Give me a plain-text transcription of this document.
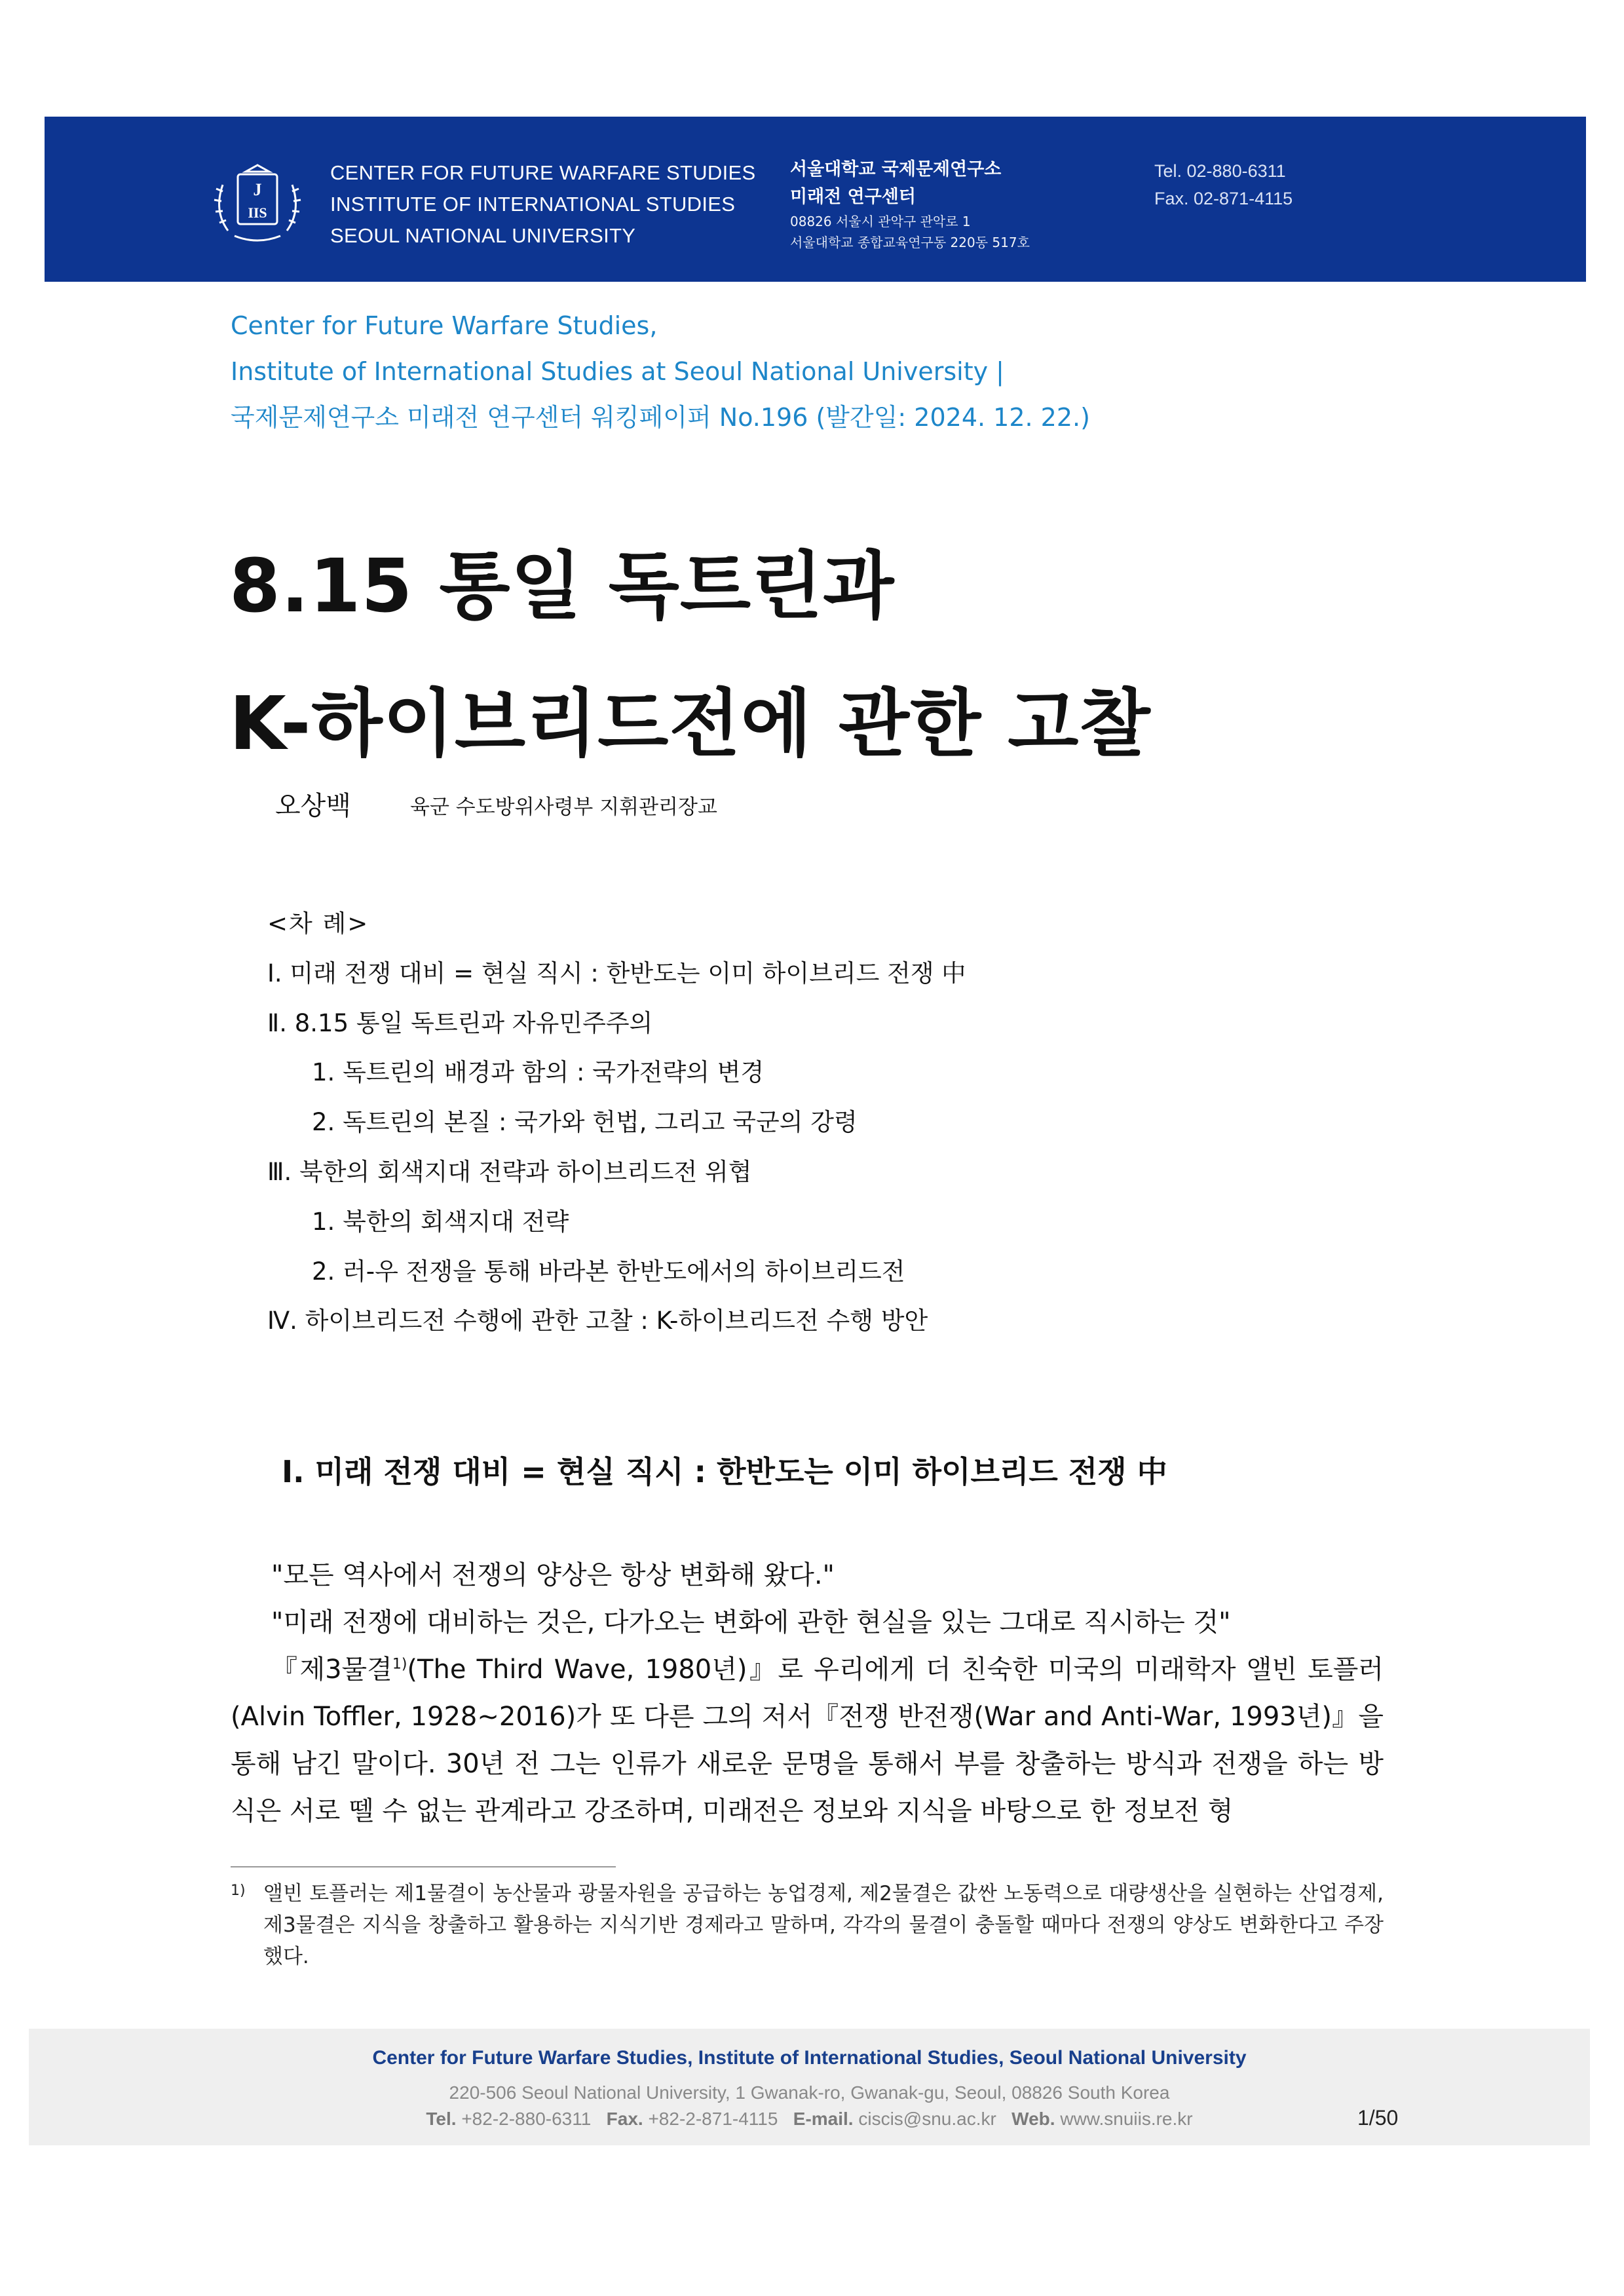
J
IIS
CENTER FOR FUTURE WARFARE STUDIES
INSTITUTE OF INTERNATIONAL STUDIES
SEOUL NATIONAL UNIVERSITY
서울대학교 국제문제연구소
미래전 연구센터
08826 서울시 관악구 관악로 1
서울대학교 종합교육연구동 220동 517호
Tel. 02-880-6311
Fax. 02-871-4115
Center for Future Warfare Studies,
Institute of International Studies at Seoul National University |
국제문제연구소 미래전 연구센터 워킹페이퍼 No.196 (발간일: 2024. 12. 22.)
8.15 통일 독트린과
K-하이브리드전에 관한 고찰
오상백	육군 수도방위사령부 지휘관리장교
<차 례>
Ⅰ. 미래 전쟁 대비 = 현실 직시 : 한반도는 이미 하이브리드 전쟁 中
Ⅱ. 8.15 통일 독트린과 자유민주주의
1. 독트린의 배경과 함의 : 국가전략의 변경
2. 독트린의 본질 : 국가와 헌법, 그리고 국군의 강령
Ⅲ. 북한의 회색지대 전략과 하이브리드전 위협
1. 북한의 회색지대 전략
2. 러-우 전쟁을 통해 바라본 한반도에서의 하이브리드전
Ⅳ. 하이브리드전 수행에 관한 고찰 : K-하이브리드전 수행 방안
Ⅰ. 미래 전쟁 대비 = 현실 직시 : 한반도는 이미 하이브리드 전쟁 中

"모든 역사에서 전쟁의 양상은 항상 변화해 왔다."

"미래 전쟁에 대비하는 것은, 다가오는 변화에 관한 현실을 있는 그대로 직시하는 것"

『제3물결$^{1)}$(The Third Wave, 1980년)』로 우리에게 더 친숙한 미국의 미래학자 앨빈 토플러(Alvin Toffler, 1928~2016)가 또 다른 그의 저서『전쟁 반전쟁(War and Anti-War, 1993년)』을 통해 남긴 말이다. 30년 전 그는 인류가 새로운 문명을 통해서 부를 창출하는 방식과 전쟁을 하는 방식은 서로 뗄 수 없는 관계라고 강조하며, 미래전은 정보와 지식을 바탕으로 한 정보전 형

1) 앨빈 토플러는 제1물결이 농산물과 광물자원을 공급하는 농업경제, 제2물결은 값싼 노동력으로 대량생산을 실현하는 산업경제, 제3물결은 지식을 창출하고 활용하는 지식기반 경제라고 말하며, 각각의 물결이 충돌할 때마다 전쟁의 양상도 변화한다고 주장했다.
Center for Future Warfare Studies, Institute of International Studies, Seoul National University
220-506 Seoul National University, 1 Gwanak-ro, Gwanak-gu, Seoul, 08826 South Korea
Tel. +82-2-880-6311 Fax. +82-2-871-4115 E-mail. ciscis@snu.ac.kr Web. www.snuiis.re.kr	1/50
